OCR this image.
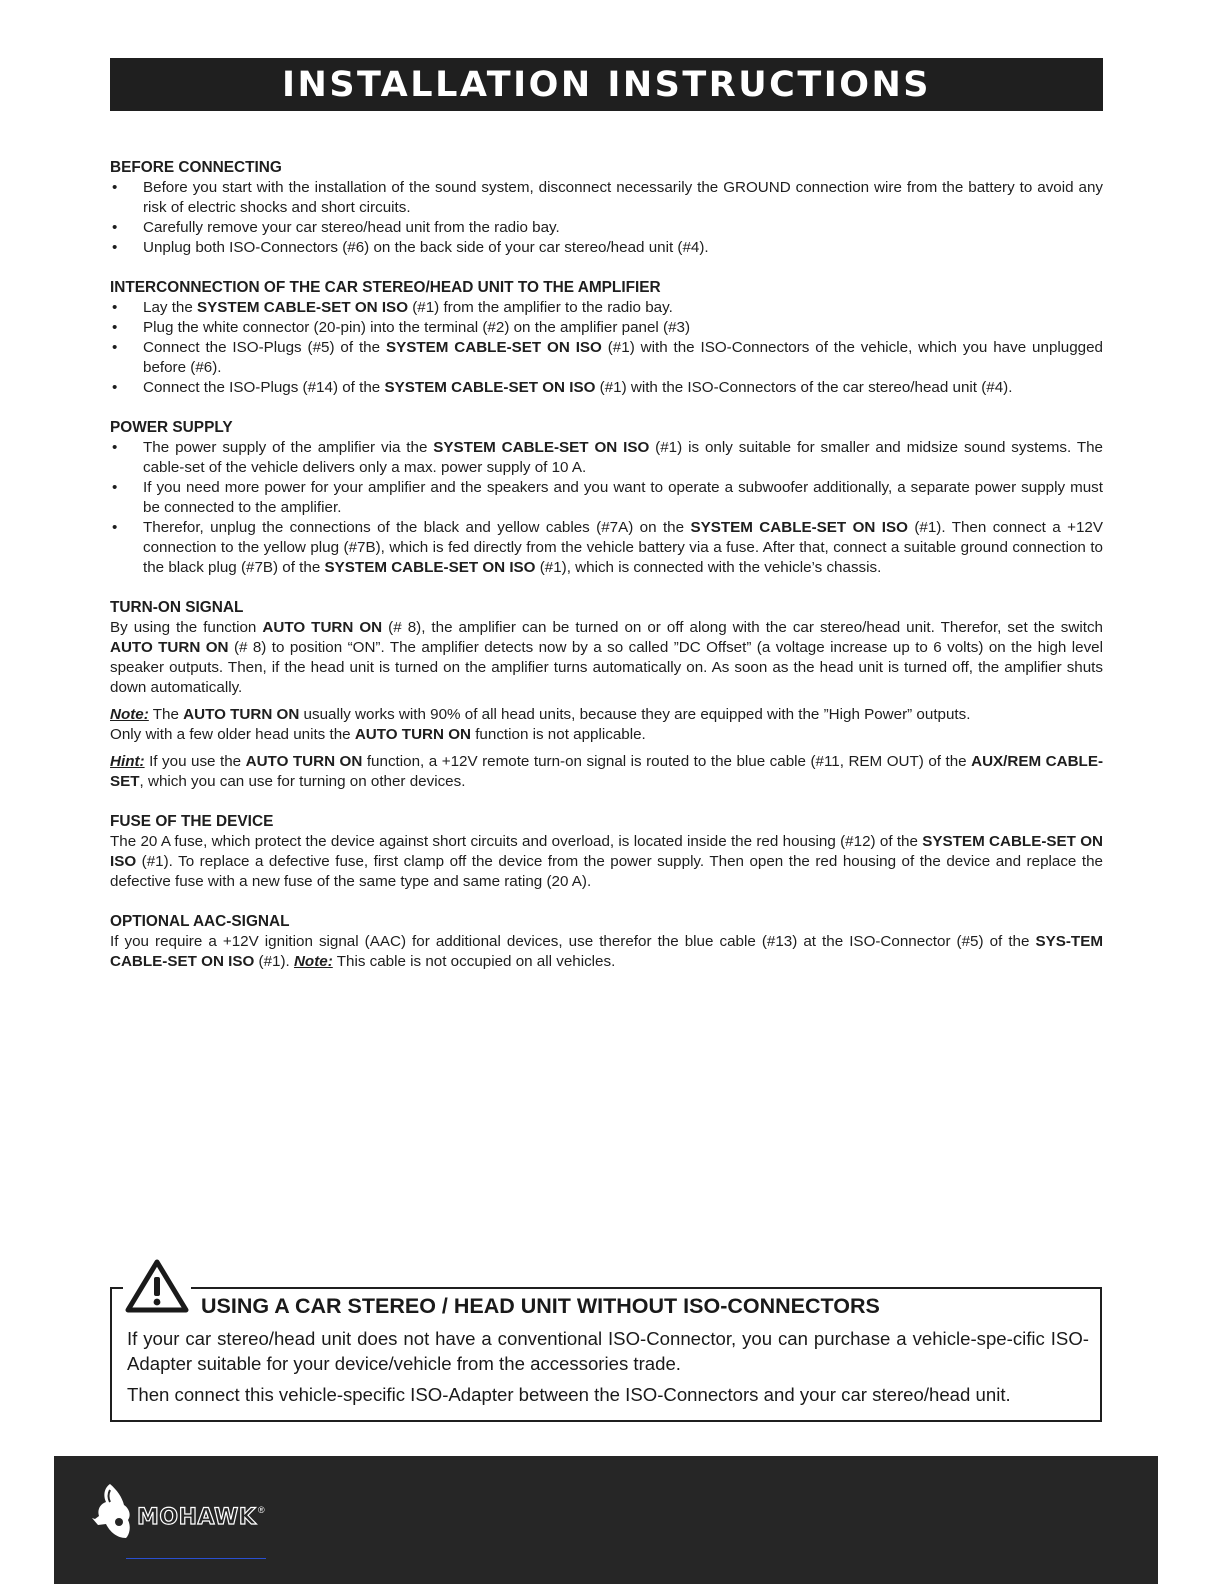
INSTALLATION INSTRUCTIONS
BEFORE CONNECTING
• Before you start with the installation of the sound system, disconnect necessarily the GROUND connection wire from the battery to avoid any risk of electric shocks and short circuits.
• Carefully remove your car stereo/head unit from the radio bay.
• Unplug both ISO-Connectors (#6) on the back side of your car stereo/head unit (#4).
INTERCONNECTION OF THE CAR STEREO/HEAD UNIT TO THE AMPLIFIER
• Lay the SYSTEM CABLE-SET ON ISO (#1) from the amplifier to the radio bay.
• Plug the white connector (20-pin) into the terminal (#2) on the amplifier panel (#3)
• Connect the ISO-Plugs (#5) of the SYSTEM CABLE-SET ON ISO (#1) with the ISO-Connectors of the vehicle, which you have unplugged before (#6).
• Connect the ISO-Plugs (#14) of the SYSTEM CABLE-SET ON ISO (#1) with the ISO-Connectors of the car stereo/head unit (#4).
POWER SUPPLY
• The power supply of the amplifier via the SYSTEM CABLE-SET ON ISO (#1) is only suitable for smaller and midsize sound systems. The cable-set of the vehicle delivers only a max. power supply of 10 A.
• If you need more power for your amplifier and the speakers and you want to operate a subwoofer additionally, a separate power supply must be connected to the amplifier.
• Therefor, unplug the connections of the black and yellow cables (#7A) on the SYSTEM CABLE-SET ON ISO (#1). Then connect a +12V connection to the yellow plug (#7B), which is fed directly from the vehicle battery via a fuse. After that, connect a suitable ground connection to the black plug (#7B) of the SYSTEM CABLE-SET ON ISO (#1), which is connected with the vehicle’s chassis.
TURN-ON SIGNAL

By using the function AUTO TURN ON (# 8), the amplifier can be turned on or off along with the car stereo/head unit. Therefor, set the switch AUTO TURN ON (# 8) to position “ON”. The amplifier detects now by a so called ”DC Offset” (a voltage increase up to 6 volts) on the high level speaker outputs. Then, if the head unit is turned on the amplifier turns automatically on. As soon as the head unit is turned off, the amplifier shuts down automatically.

Note: The AUTO TURN ON usually works with 90% of all head units, because they are equipped with the ”High Power” outputs.
Only with a few older head units the AUTO TURN ON function is not applicable.

Hint: If you use the AUTO TURN ON function, a +12V remote turn-on signal is routed to the blue cable (#11, REM OUT) of the AUX/REM CABLE-SET, which you can use for turning on other devices.

FUSE OF THE DEVICE

The 20 A fuse, which protect the device against short circuits and overload, is located inside the red housing (#12) of the SYSTEM CABLE-SET ON ISO (#1). To replace a defective fuse, first clamp off the device from the power supply. Then open the red housing of the device and replace the defective fuse with a new fuse of the same type and same rating (20 A).

OPTIONAL AAC-SIGNAL

If you require a +12V ignition signal (AAC) for additional devices, use therefor the blue cable (#13) at the ISO-Connector (#5) of the SYS-TEM CABLE-SET ON ISO (#1). Note: This cable is not occupied on all vehicles.

USING A CAR STEREO / HEAD UNIT WITHOUT ISO-CONNECTORS

If your car stereo/head unit does not have a conventional ISO-Connector, you can purchase a vehicle-spe-cific ISO-Adapter suitable for your device/vehicle from the accessories trade.

Then connect this vehicle-specific ISO-Adapter between the ISO-Connectors and your car stereo/head unit.

MOHAWK ®
